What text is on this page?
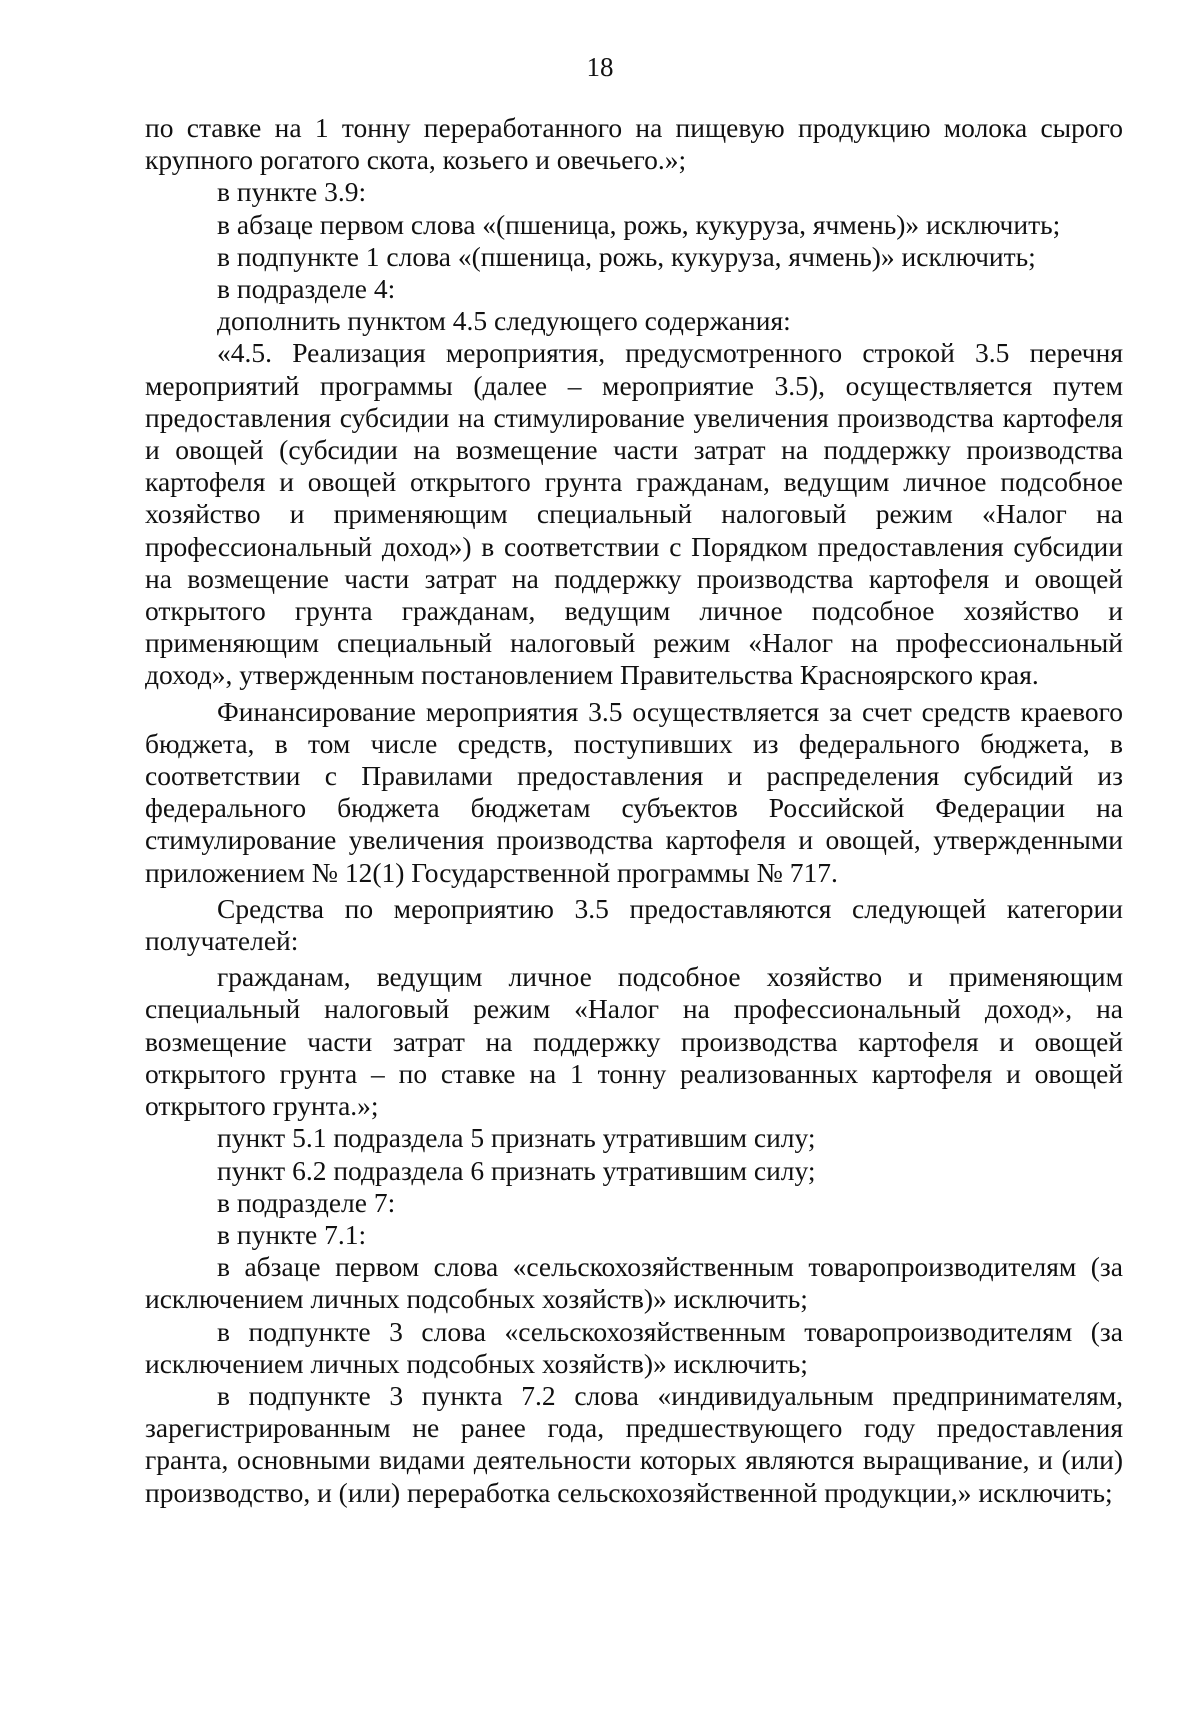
18

по ставке на 1 тонну переработанного на пищевую продукцию молока сырого крупного рогатого скота, козьего и овечьего.»;

в пункте 3.9:

в абзаце первом слова «(пшеница, рожь, кукуруза, ячмень)» исключить;

в подпункте 1 слова «(пшеница, рожь, кукуруза, ячмень)» исключить;

в подразделе 4:

дополнить пунктом 4.5 следующего содержания:

«4.5. Реализация мероприятия, предусмотренного строкой 3.5 перечня мероприятий программы (далее – мероприятие 3.5), осуществляется путем предоставления субсидии на стимулирование увеличения производства картофеля и овощей (субсидии на возмещение части затрат на поддержку производства картофеля и овощей открытого грунта гражданам, ведущим личное подсобное хозяйство и применяющим специальный налоговый режим «Налог на профессиональный доход») в соответствии с Порядком предоставления субсидии на возмещение части затрат на поддержку производства картофеля и овощей открытого грунта гражданам, ведущим личное подсобное хозяйство и применяющим специальный налоговый режим «Налог на профессиональный доход», утвержденным постановлением Правительства Красноярского края.

Финансирование мероприятия 3.5 осуществляется за счет средств краевого бюджета, в том числе средств, поступивших из федерального бюджета, в соответствии с Правилами предоставления и распределения субсидий из федерального бюджета бюджетам субъектов Российской Федерации на стимулирование увеличения производства картофеля и овощей, утвержденными приложением № 12(1) Государственной программы № 717.

Средства по мероприятию 3.5 предоставляются следующей категории получателей:

гражданам, ведущим личное подсобное хозяйство и применяющим специальный налоговый режим «Налог на профессиональный доход», на возмещение части затрат на поддержку производства картофеля и овощей открытого грунта – по ставке на 1 тонну реализованных картофеля и овощей открытого грунта.»;

пункт 5.1 подраздела 5 признать утратившим силу;

пункт 6.2 подраздела 6 признать утратившим силу;

в подразделе 7:

в пункте 7.1:

в абзаце первом слова «сельскохозяйственным товаропроизводителям (за исключением личных подсобных хозяйств)» исключить;

в подпункте 3 слова «сельскохозяйственным товаропроизводителям (за исключением личных подсобных хозяйств)» исключить;

в подпункте 3 пункта 7.2 слова «индивидуальным предпринимателям, зарегистрированным не ранее года, предшествующего году предоставления гранта, основными видами деятельности которых являются выращивание, и (или) производство, и (или) переработка сельскохозяйственной продукции,» исключить;
